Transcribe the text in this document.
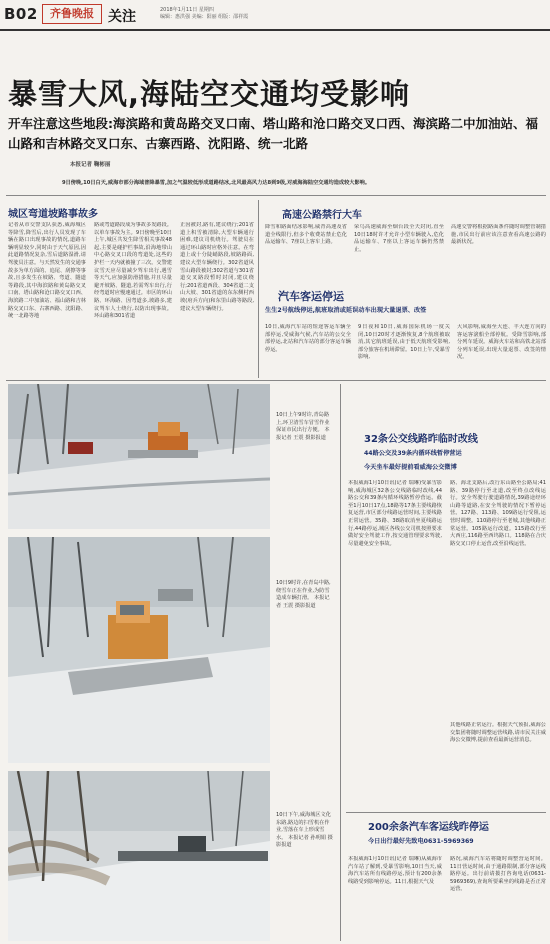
B02	齐鲁晚报	关注	2018年1月11日 星期四
编辑：惠洪强 美编：阳丽 组版：邵祥霞
暴雪大风,海陆空交通均受影响
开车注意这些地段:海滨路和黄岛路交叉口南、塔山路和沧口路交叉口西、海滨路二中加油站、福山路和吉林路交叉口东、古寨西路、沈阳路、统一北路
本报记者 鞠彬丽
9日傍晚,10日白天,威海市部分海域普降暴雪,加之气温较低形成道路结冰,北风最高风力达8到9级,对威海海陆空交通均造成较大影响。
城区弯道坡路事故多
记者从市交警支队获悉,威海城区等降雪,降雪后,出行人员发现了车辆在路口出现事故的情况,道路车辆明显较少,同时由于天气原因,因此道路情况复杂,雪后道路湿滑,请驾驶员注意。与天然发生的交通事故多为单方面的、追尾、刮擦等事故,且多发生在坡路、弯道、隧道等路段,其中海滨路和黄岛路交叉口南、塔山路和沧口路交叉口西、海滨路二中加油站、福山路和吉林路交叉口东、古寨西路、沈阳路、统一北路等地
路或弯道路段成为事故多发路段。以单车事故为主。9日傍晚至10日上午,城区共发生降雪相关事故48起,主要是碰护栏事故,沿海地带山中心路交叉口段的弯道处,这些的护栏一天内就被撞了三次。交警建议雪天应尽量减少驾车出行,遇雪等天气,应加强防滑措施,并且尽量避开坡路、隧道,若需驾车出行,行经弯道时应慢速通过。市区的环山路、环海路、因弯道多,坡路多,建议驾车人士绕行,以防出现事故。环山路和301省道
正因被封,路有,建议绕行;201省道上积雪被清除,大型车辆通行困难,建议司机绕行。驾驶员在通过环山路时应格外注意。在弯道上或十分陡峭路段,坡路路面,建议大型车辆绕行。302省道风雪山路段被封;302省道与301省道交叉路段暂时封闭,建议绕行;201省道西段、304省道二支山大坡、301省道的东东侧村西坡(府兵方向)和东里山路等路段,建议大型车辆绕行。
高速公路禁行大车
降雪和路面结冰影响,威青高速及省道全线限行,但多个收费站禁止危化品运输车、7座以上客车上路。
荣乌高速威海至烟台段全天封闭,直至10日18时许才允许小型车辆驶入,危化品运输车、7座以上客运车辆仍然禁止。
高速交警将根据路面条件随时调整管制措施,市民出行前应该注意查看高速公路的最新状况。
汽车客运停运
生生2号航线停运,航班取消或延误动车出现大量退票、改签
10日,威海汽车站的短途客运车辆全部停运,受威海气候,汽车站的公交全部停运,北站和汽车站的部分客运车辆停运。
9日夜和10日,威海国际机场一度关闭,10日20时才逐渐恢复,8个航班被取消,其它航班延误,由于低天航班受影响,部分旅客在机场滞留。10日上午,受暴雪影响,
大风影响,威海至大连、丰大连方向的客运客滚船全部停航。受降雪影响,部分列车延误。威海火车站和高铁北站部分列车延误,出现大量退票、改签的情况。
10日上午9时许,青岛路上,环卫清雪车冒雪作业保证市民出行方便。 本报记者 王震 摄影报道
10日9时许,在青岛中路,绕雪车正在作业,为防雪造成车辆打滑。 本报记者 王震 摄影报道
10日下午,威海城区文化东路,路边的扫雪机在作业,雪落在车上形成雪水。 本报记者 孙明娟 摄影报道
32条公交线路昨临时改线
44路公交及39条内循环线暂停营运
今天坐车最好提前看威海公交微博
本报威海1月10日讯(记者 瑞琳)受暴雪影响,威海城区32条公交线路临时改线,44路公交和39条内循环线路暂停营运。截至1月10日17点,18路等17条主要线路恢复运营,市区部分线路运营时间,主要线路正常运营。35路、38路取消坐夏线路运行,44路停运,城区各线公交司机按照要求做好安全驾驶工作,按交通管理要求驾驶,尽量避免安全事故。
路、海北支路后,改行东山路至公路局;41路、39路停行至北道,改至终点改线运行。安全驾驶行驶道路情况,39路途经环山路等道路,在安全驾驶的情况下暂停运营。127路、113路、109路运行受阻,运营时调整。110路停行至老城,其他线路正常运营。105路运行改道。115路改行至大西庄,116路至西坞路口。118路在合庆路交叉口停止运营,改至沿线运营。
其他线路正常运行。根据天气预报,威海公交集团将随时调整运营线路,请市民关注威海公交微博,提前查看最新运营消息。
200余条汽车客运线昨停运
今日出行最好先致电0631-5969369
本报威海1月10日讯(记者 瑞琳)从威海市汽车站了解到,受暴雪影响,10日当天,威海汽车站所有线路停运,预计有200余条线路受到影响停运。11日,根据天气及
路况,威海汽车站将随时调整营运时间。11日营运时间,由于通路限制,部分客运线路停运。出行前请拨打咨询电话(0631-5969369),查询所要乘坐的线路是否正常运营。
